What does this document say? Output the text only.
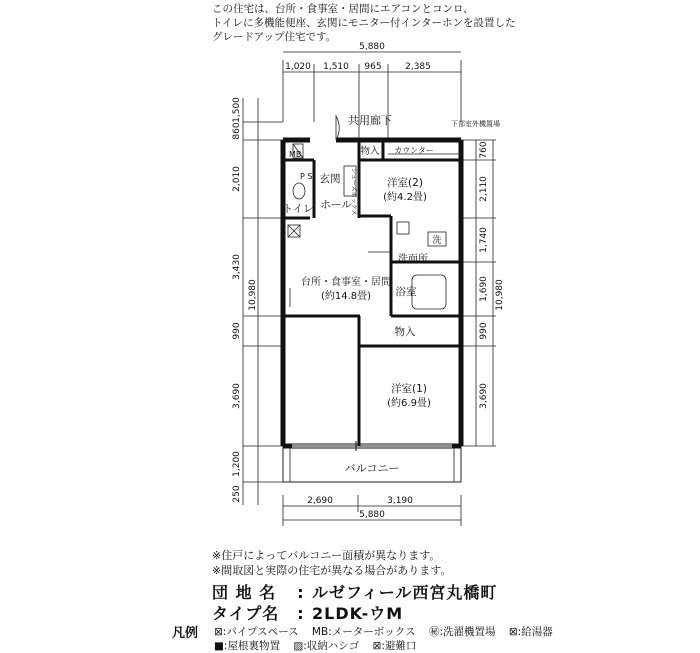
この住宅は、台所・食事室・居間にエアコンとコンロ、
トイレに多機能便座、玄関にモニター付インターホンを設置した
グレードアップ住宅です。
5,880
1,020 1,510 965	2,385
2,690	3,190
5,880
1,500
860
2,010
3,430
990
3,690
1,200
250
10,980
760
2,110
1,740
1,690
990
3,690
10,980
共用廊下	下部室外機置場
MB	物入 カウンター
P S 玄関 シューズボックス
トイレ ホール
洋室(2)
(約4.2畳)
洗
洗面所
台所・食事室・居間
(約14.8畳) 浴室
物入
洋室(1)
(約6.9畳)
バルコニー
※住戸によってバルコニー面積が異なります。
※間取図と実際の住宅が異なる場合があります。
団 地 名 : ルゼフィール西宮丸橋町
タイプ名 : 2LDK-ウM
凡例 ⊠:パイプスペース MB:メーターボックス ㊙:洗濯機置場 ⊠:給湯器
■:屋根裏物置 ▨:収納ハシゴ ⊠:避難口
